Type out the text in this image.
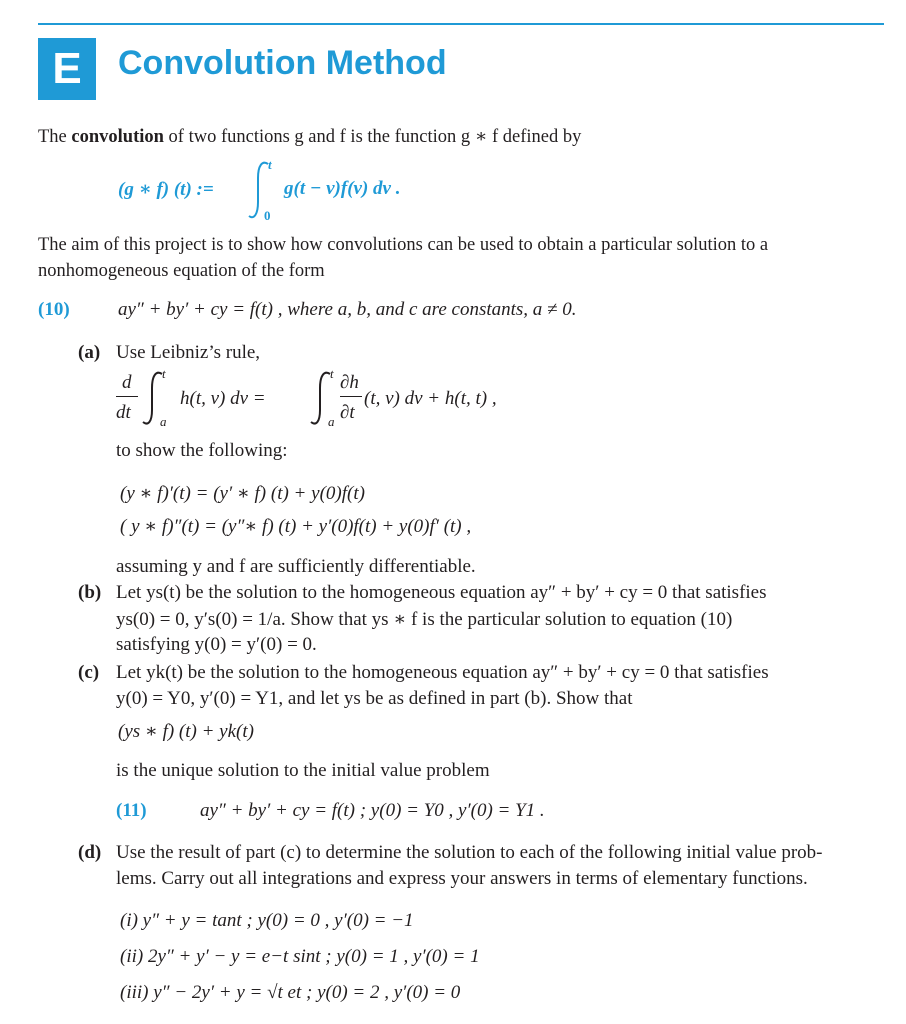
E	Convolution Method

The convolution of two functions g and f is the function g ∗ f defined by

(g ∗ f) (t) :=
t
0
g(t − v)f(v) dv .

The aim of this project is to show how convolutions can be used to obtain a particular solution to a nonhomogeneous equation of the form

(10)	ay″ + by′ + cy = f(t) , where a, b, and c are constants, a ≠ 0.
(a) Use Leibniz’s rule,
d
dt
t
a
h(t, v) dv =
t
a
∂h
∂t
(t, v) dv + h(t, t) ,
to show the following:
(y ∗ f)′(t) = (y′ ∗ f) (t) + y(0)f(t)
( y ∗ f)″(t) = (y″∗ f) (t) + y′(0)f(t) + y(0)f′ (t) ,
assuming y and f are sufficiently differentiable.
(b) Let ys(t) be the solution to the homogeneous equation ay″ + by′ + cy = 0 that satisfies
ys(0) = 0, y′s(0) = 1/a. Show that ys ∗ f is the particular solution to equation (10)
satisfying y(0) = y′(0) = 0.
(c) Let yk(t) be the solution to the homogeneous equation ay″ + by′ + cy = 0 that satisfies
y(0) = Y0, y′(0) = Y1, and let ys be as defined in part (b). Show that
(ys ∗ f) (t) + yk(t)
is the unique solution to the initial value problem
(11)	ay″ + by′ + cy = f(t) ; y(0) = Y0 , y′(0) = Y1 .
(d) Use the result of part (c) to determine the solution to each of the following initial value prob-
lems. Carry out all integrations and express your answers in terms of elementary functions.
(i) y″ + y = tant ; y(0) = 0 , y′(0) = −1
(ii) 2y″ + y′ − y = e−t sint ; y(0) = 1 , y′(0) = 1
(iii) y″ − 2y′ + y = √t et ; y(0) = 2 , y′(0) = 0
